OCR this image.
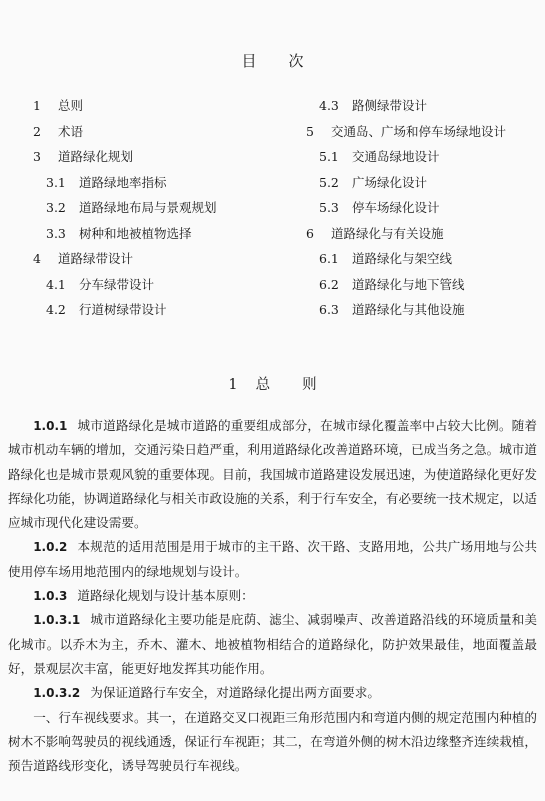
目 次
1	总则
2	术语
3	道路绿化规划
3.1	道路绿地率指标
3.2	道路绿地布局与景观规划
3.3	树种和地被植物选择
4	道路绿带设计
4.1	分车绿带设计
4.2	行道树绿带设计
4.3	路侧绿带设计
5	交通岛、广场和停车场绿地设计
5.1	交通岛绿地设计
5.2	广场绿化设计
5.3	停车场绿化设计
6	道路绿化与有关设施
6.1	道路绿化与架空线
6.2	道路绿化与地下管线
6.3	道路绿化与其他设施
1 总 则

1.0.1 城市道路绿化是城市道路的重要组成部分，在城市绿化覆盖率中占较大比例。随着城市机动车辆的增加，交通污染日趋严重，利用道路绿化改善道路环境，已成当务之急。城市道路绿化也是城市景观风貌的重要体现。目前，我国城市道路建设发展迅速，为使道路绿化更好发挥绿化功能，协调道路绿化与相关市政设施的关系，利于行车安全，有必要统一技术规定，以适应城市现代化建设需要。

1.0.2 本规范的适用范围是用于城市的主干路、次干路、支路用地，公共广场用地与公共使用停车场用地范围内的绿地规划与设计。

1.0.3 道路绿化规划与设计基本原则：

1.0.3.1 城市道路绿化主要功能是庇荫、滤尘、减弱噪声、改善道路沿线的环境质量和美化城市。以乔木为主，乔木、灌木、地被植物相结合的道路绿化，防护效果最佳，地面覆盖最好，景观层次丰富，能更好地发挥其功能作用。

1.0.3.2 为保证道路行车安全，对道路绿化提出两方面要求。

一、行车视线要求。其一，在道路交叉口视距三角形范围内和弯道内侧的规定范围内种植的树木不影响驾驶员的视线通透，保证行车视距；其二，在弯道外侧的树木沿边缘整齐连续栽植，预告道路线形变化，诱导驾驶员行车视线。
